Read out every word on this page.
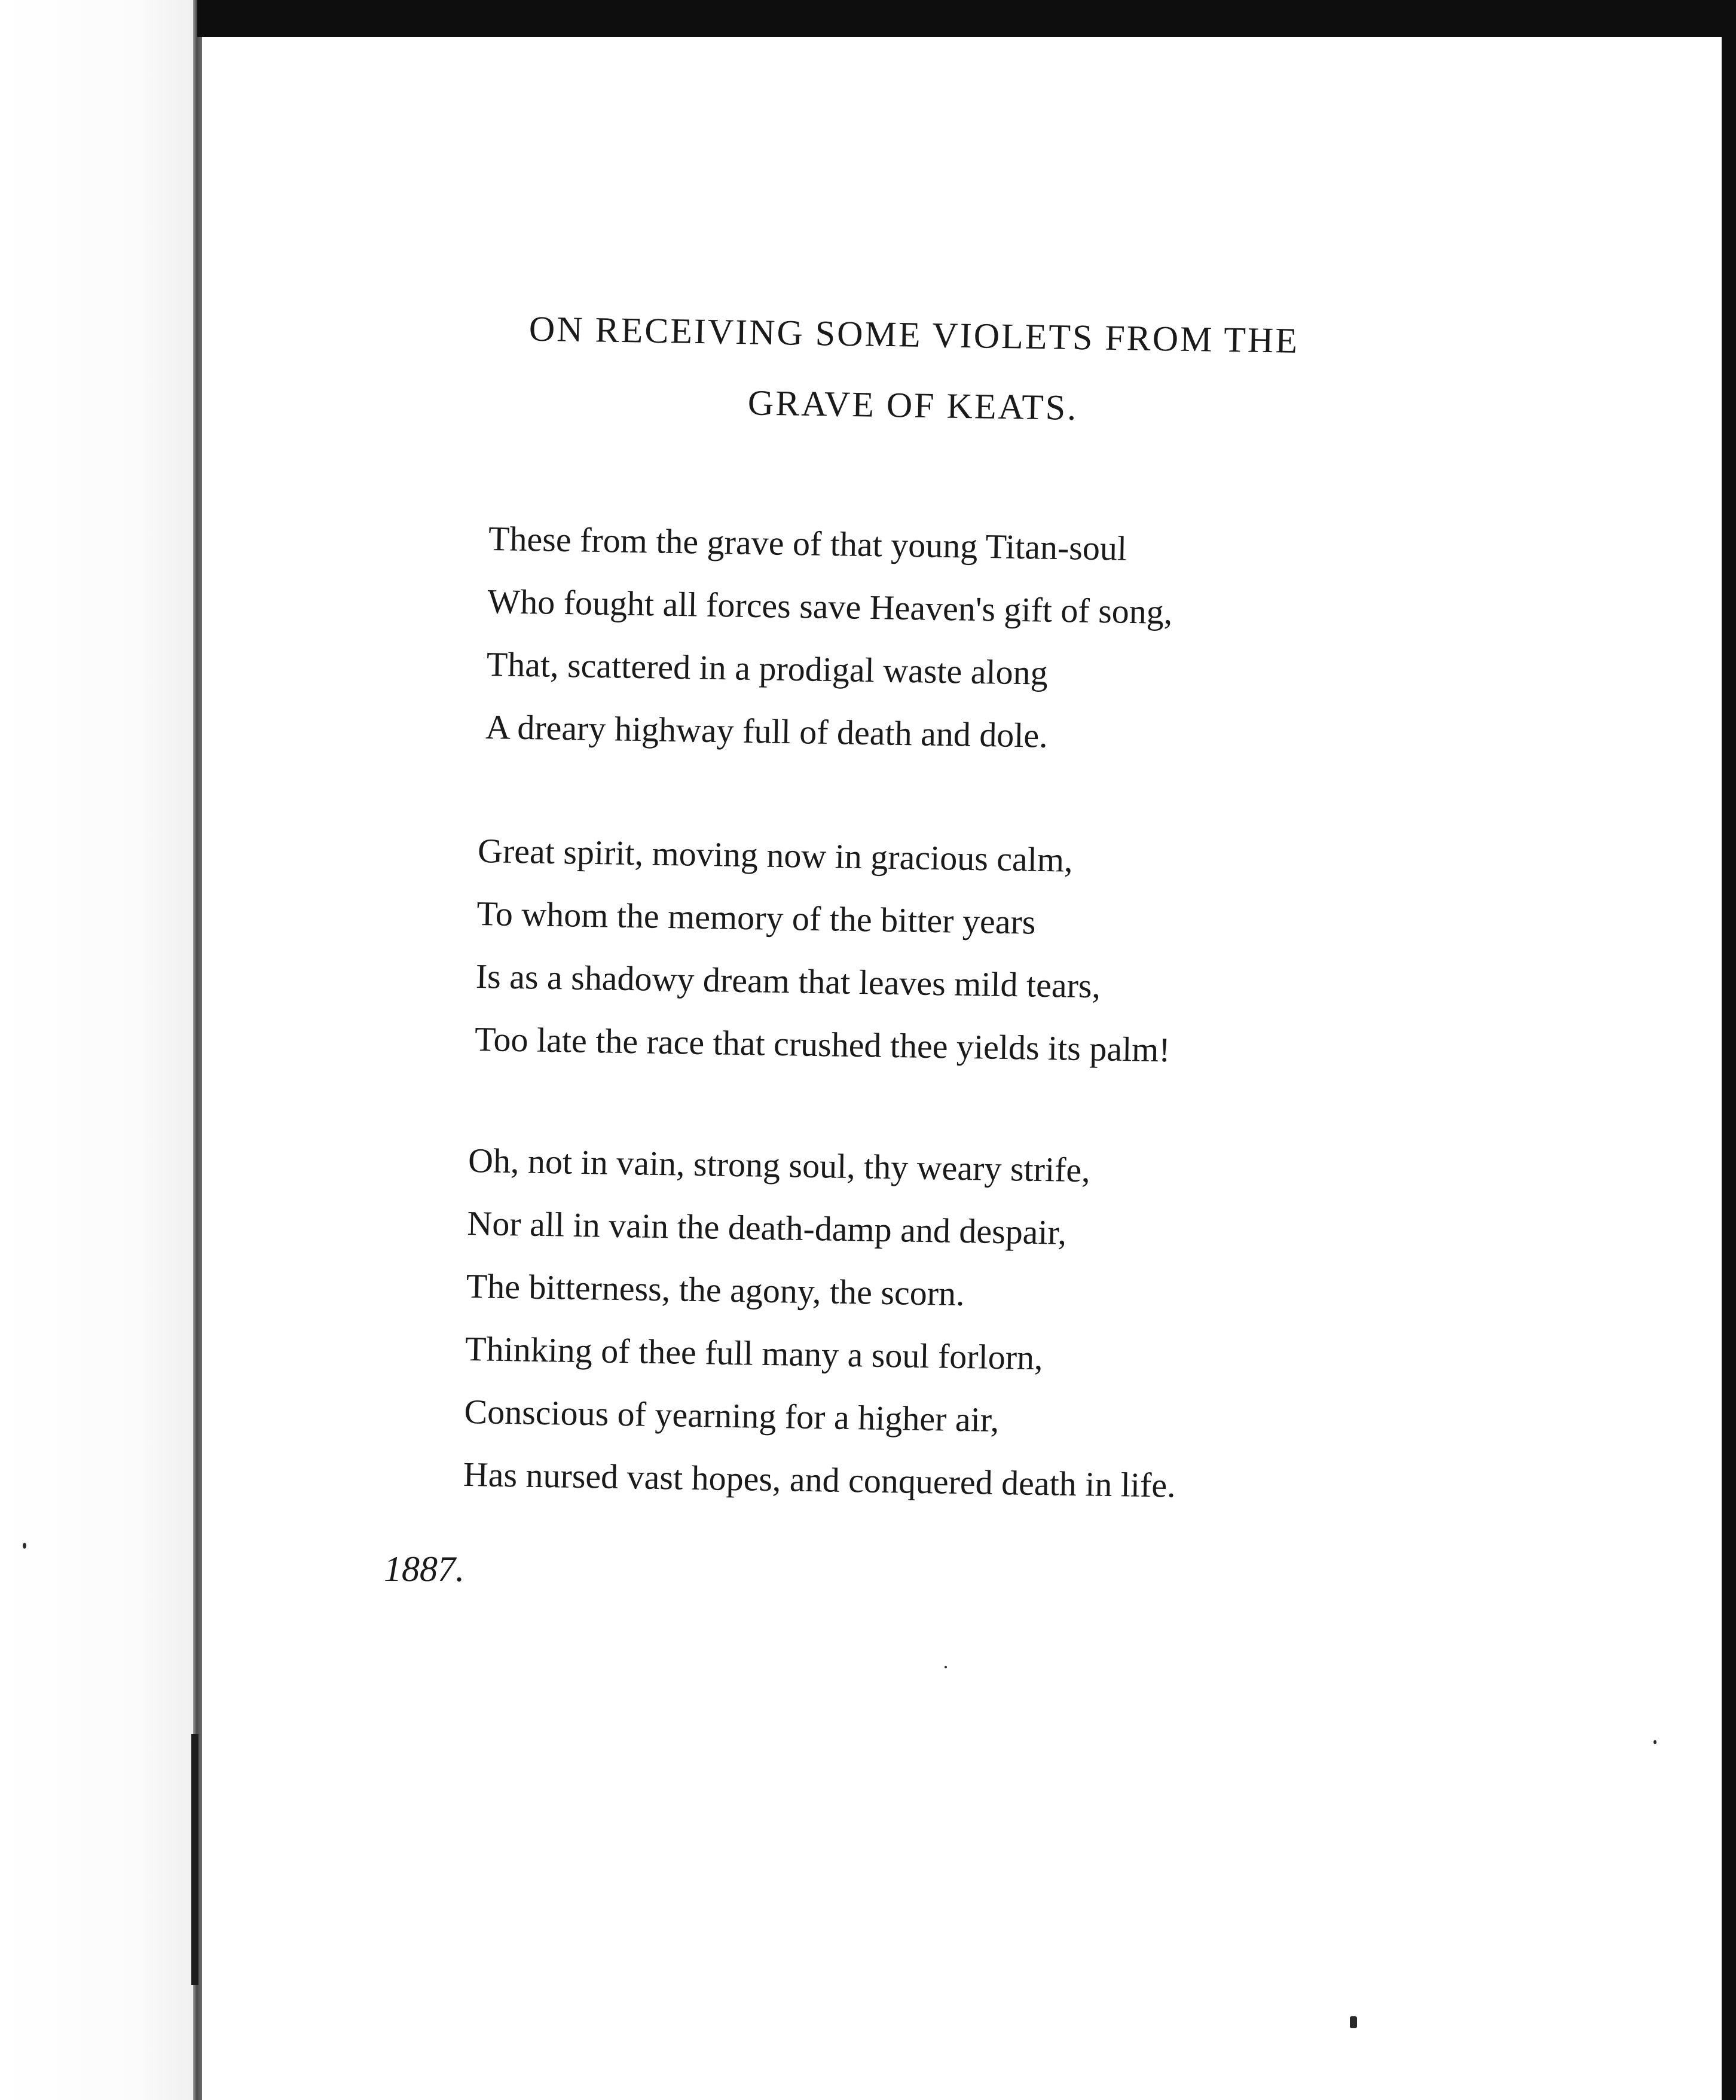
ON RECEIVING SOME VIOLETS FROM THE
GRAVE OF KEATS.
These from the grave of that young Titan-soul
Who fought all forces save Heaven's gift of song,
That, scattered in a prodigal waste along
A dreary highway full of death and dole.
Great spirit, moving now in gracious calm,
To whom the memory of the bitter years
Is as a shadowy dream that leaves mild tears,
Too late the race that crushed thee yields its palm!
Oh, not in vain, strong soul, thy weary strife,
Nor all in vain the death-damp and despair,
The bitterness, the agony, the scorn.
Thinking of thee full many a soul forlorn,
Conscious of yearning for a higher air,
Has nursed vast hopes, and conquered death in life.

1887.
